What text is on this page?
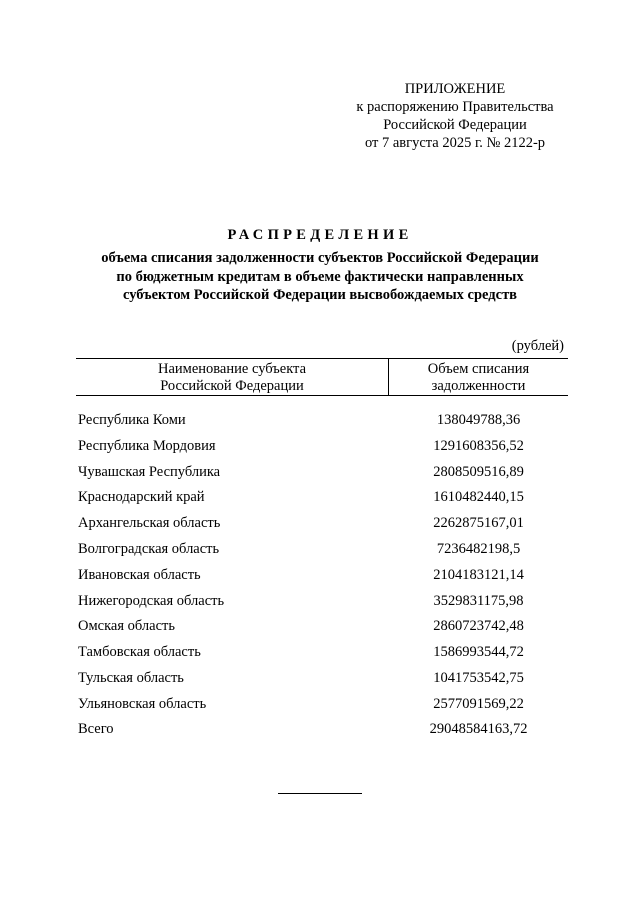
ПРИЛОЖЕНИЕ
к распоряжению Правительства
Российской Федерации
от 7 августа 2025 г. № 2122-р
РАСПРЕДЕЛЕНИЕ
объема списания задолженности субъектов Российской Федерации
по бюджетным кредитам в объеме фактически направленных
субъектом Российской Федерации высвобождаемых средств
(рублей)
Наименование субъекта
Российской Федерации
Объем списания
задолженности
Республика Коми	138049788,36
Республика Мордовия	1291608356,52
Чувашская Республика	2808509516,89
Краснодарский край	1610482440,15
Архангельская область	2262875167,01
Волгоградская область	7236482198,5
Ивановская область	2104183121,14
Нижегородская область	3529831175,98
Омская область	2860723742,48
Тамбовская область	1586993544,72
Тульская область	1041753542,75
Ульяновская область	2577091569,22
Всего	29048584163,72
